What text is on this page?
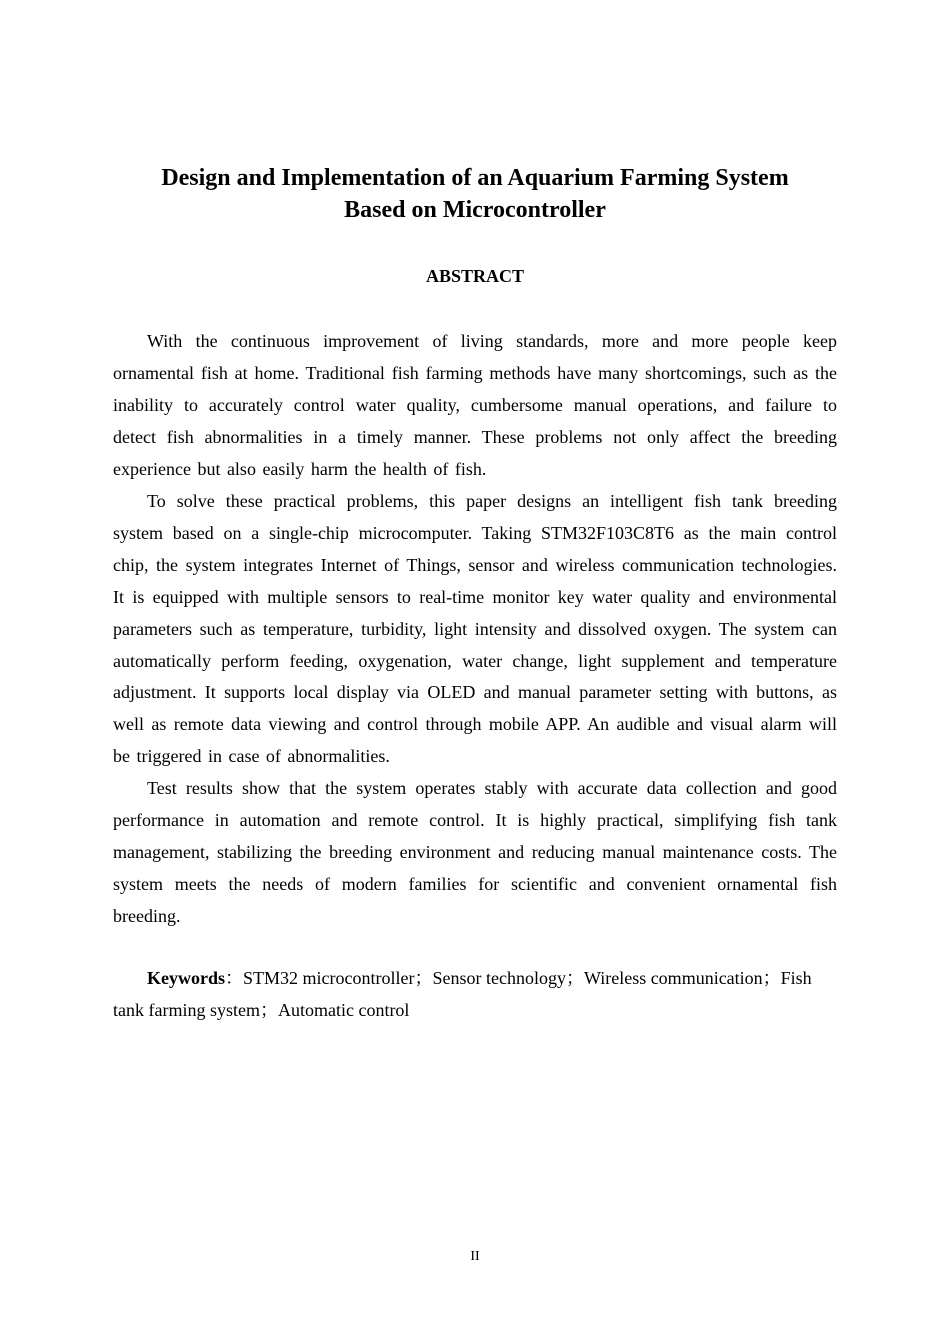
Design and Implementation of an Aquarium Farming System
Based on Microcontroller
ABSTRACT

With the continuous improvement of living standards, more and more people keep ornamental fish at home. Traditional fish farming methods have many shortcomings, such as the inability to accurately control water quality, cumbersome manual operations, and failure to detect fish abnormalities in a timely manner. These problems not only affect the breeding experience but also easily harm the health of fish.

To solve these practical problems, this paper designs an intelligent fish tank breeding system based on a single-chip microcomputer. Taking STM32F103C8T6 as the main control chip, the system integrates Internet of Things, sensor and wireless communication technologies. It is equipped with multiple sensors to real-time monitor key water quality and environmental parameters such as temperature, turbidity, light intensity and dissolved oxygen. The system can automatically perform feeding, oxygenation, water change, light supplement and temperature adjustment. It supports local display via OLED and manual parameter setting with buttons, as well as remote data viewing and control through mobile APP. An audible and visual alarm will be triggered in case of abnormalities.

Test results show that the system operates stably with accurate data collection and good performance in automation and remote control. It is highly practical, simplifying fish tank management, stabilizing the breeding environment and reducing manual maintenance costs. The system meets the needs of modern families for scientific and convenient ornamental fish breeding.

Keywords：STM32 microcontroller；Sensor technology；Wireless communication；Fish tank farming system；Automatic control

II
